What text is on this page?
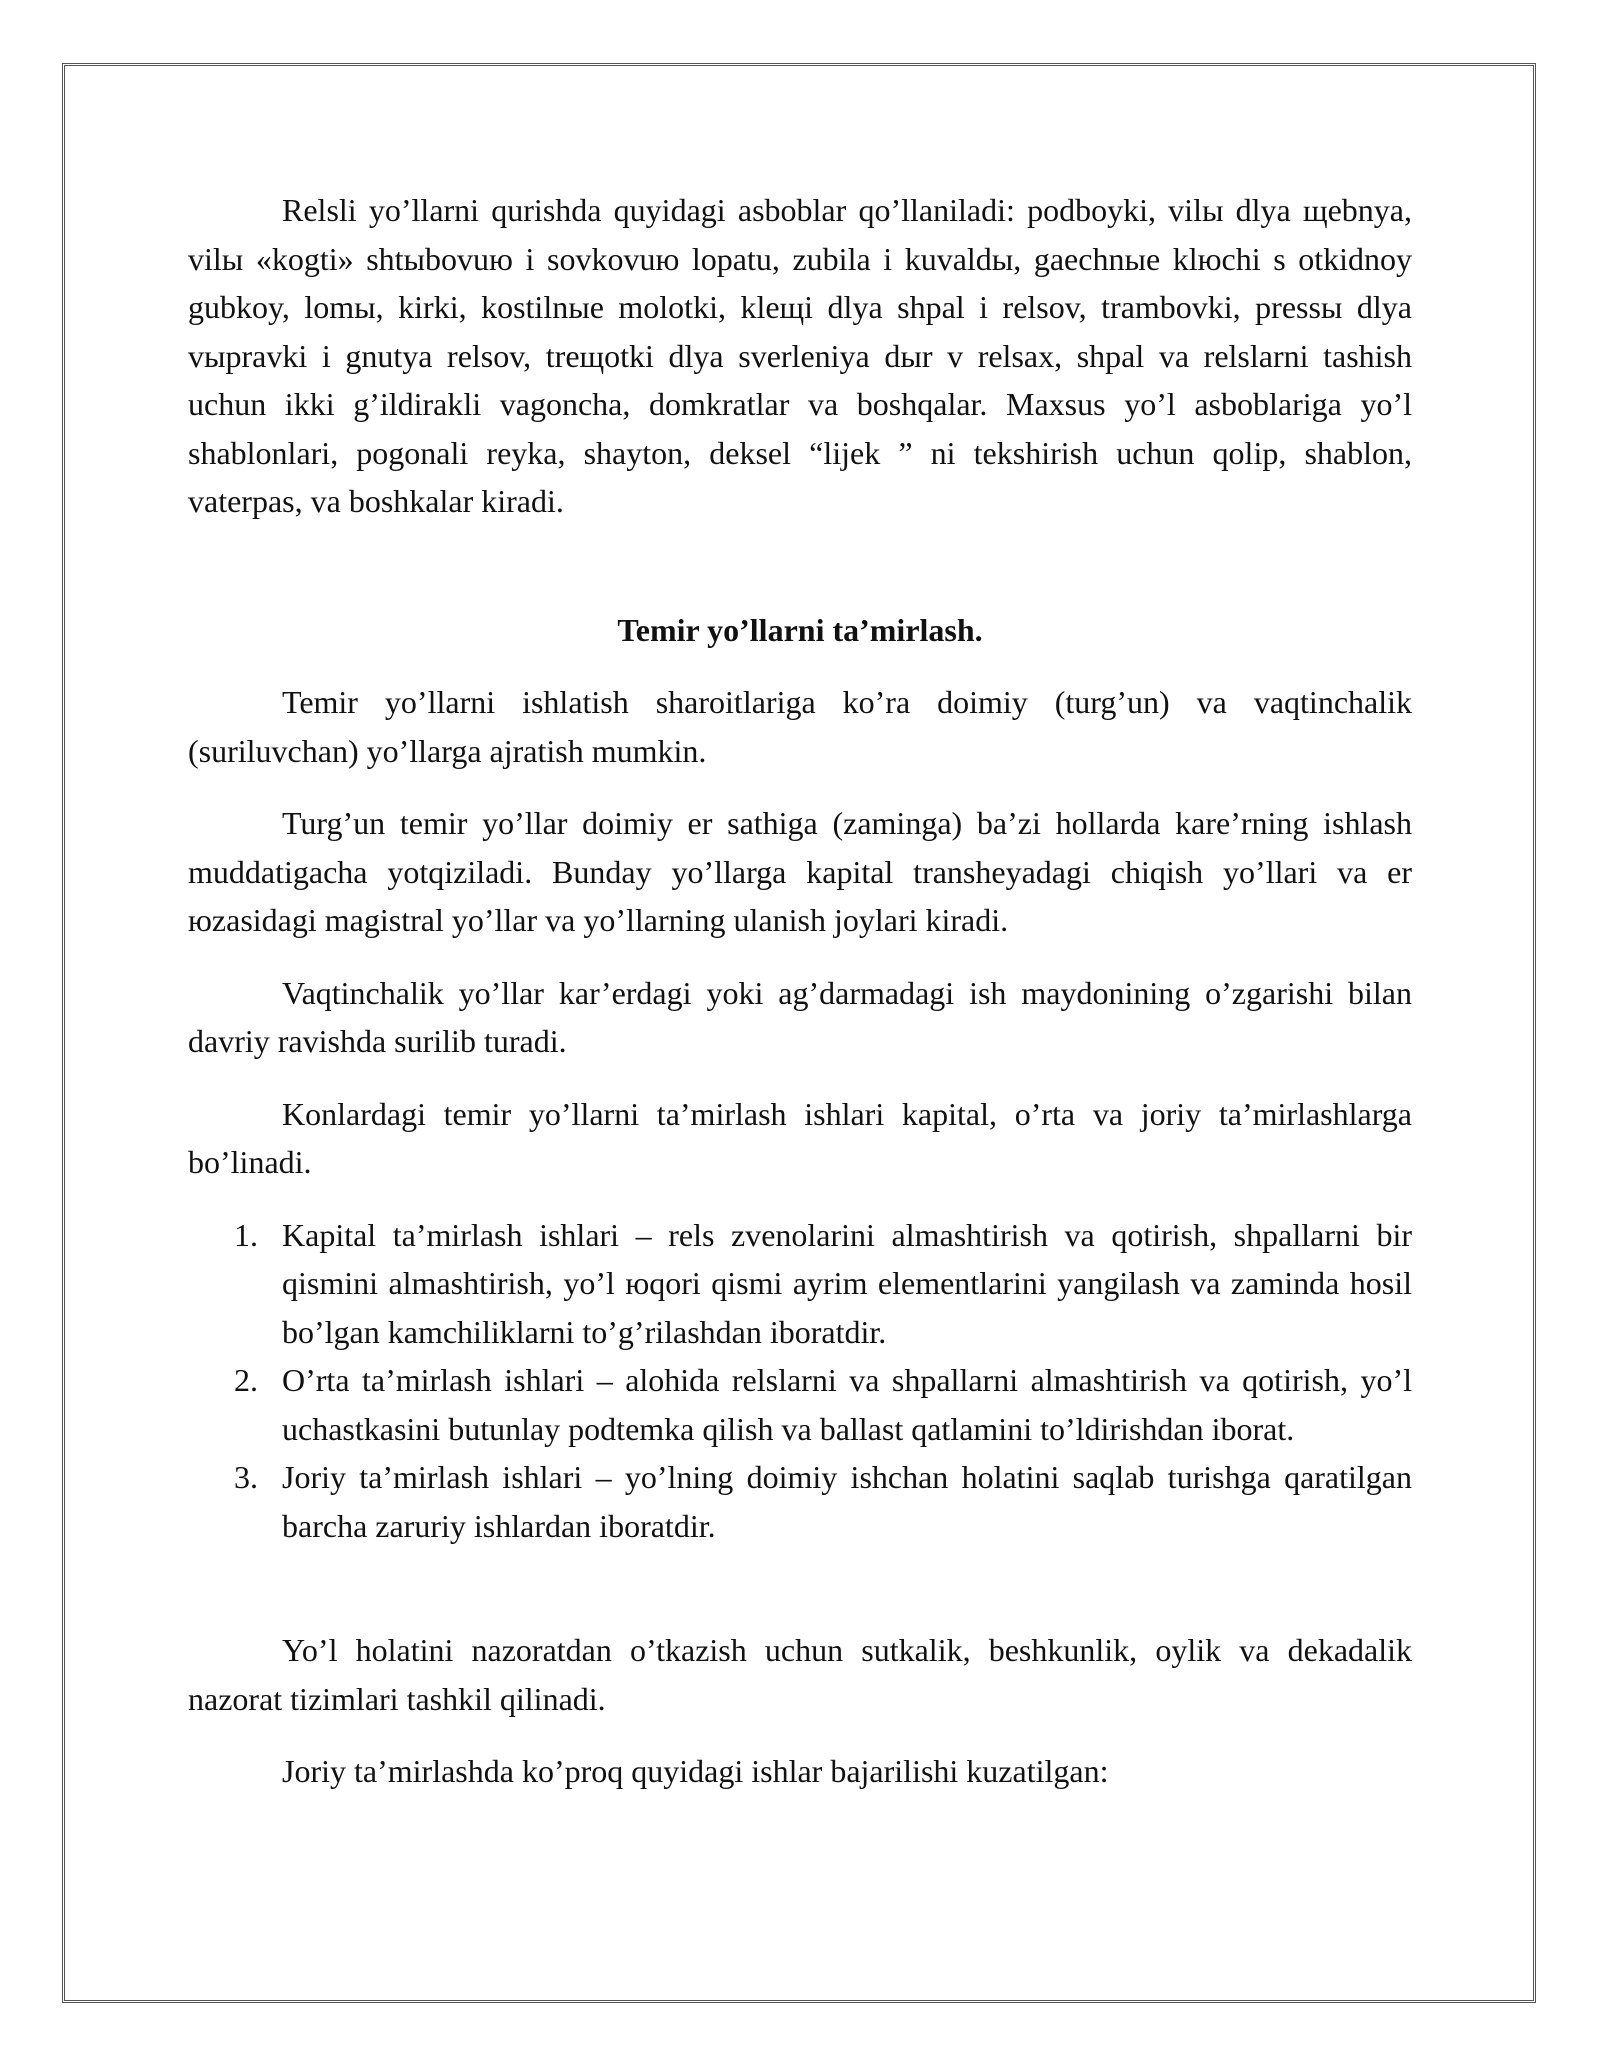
Relsli yo’llarni qurishda quyidagi asboblar qo’llaniladi: podboyki, vilы dlya щebnya, vilы «kogti» shtыbovuю i sovkovuю lopatu, zubila i kuvaldы, gaechnыe klюchi s otkidnoy gubkoy, lomы, kirki, kostilnыe molotki, klещi dlya shpal i relsov, trambovki, pressы dlya vыpravki i gnutya relsov, treщotki dlya sverleniya dыr v relsax, shpal va relslarni tashish uchun ikki g’ildirakli vagoncha, domkratlar va boshqalar. Maxsus yo’l asboblariga yo’l shablonlari, pogonali reyka, shayton, deksel “lijek ” ni tekshirish uchun qolip, shablon, vaterpas, va boshkalar kiradi.

Temir yo’llarni ta’mirlash.

Temir yo’llarni ishlatish sharoitlariga ko’ra doimiy (turg’un) va vaqtinchalik (suriluvchan) yo’llarga ajratish mumkin.

Turg’un temir yo’llar doimiy er sathiga (zaminga) ba’zi hollarda kare’rning ishlash muddatigacha yotqiziladi. Bunday yo’llarga kapital transheyadagi chiqish yo’llari va er юzasidagi magistral yo’llar va yo’llarning ulanish joylari kiradi.

Vaqtinchalik yo’llar kar’erdagi yoki ag’darmadagi ish maydonining o’zgarishi bilan davriy ravishda surilib turadi.

Konlardagi temir yo’llarni ta’mirlash ishlari kapital, o’rta va joriy ta’mirlashlarga bo’linadi.

1. Kapital ta’mirlash ishlari – rels zvenolarini almashtirish va qotirish, shpallarni bir qismini almashtirish, yo’l юqori qismi ayrim elementlarini yangilash va zaminda hosil bo’lgan kamchiliklarni to’g’rilashdan iboratdir.
2. O’rta ta’mirlash ishlari – alohida relslarni va shpallarni almashtirish va qotirish, yo’l uchastkasini butunlay podtemka qilish va ballast qatlamini to’ldirishdan iborat.
3. Joriy ta’mirlash ishlari – yo’lning doimiy ishchan holatini saqlab turishga qaratilgan barcha zaruriy ishlardan iboratdir.

Yo’l holatini nazoratdan o’tkazish uchun sutkalik, beshkunlik, oylik va dekadalik nazorat tizimlari tashkil qilinadi.

Joriy ta’mirlashda ko’proq quyidagi ishlar bajarilishi kuzatilgan:
